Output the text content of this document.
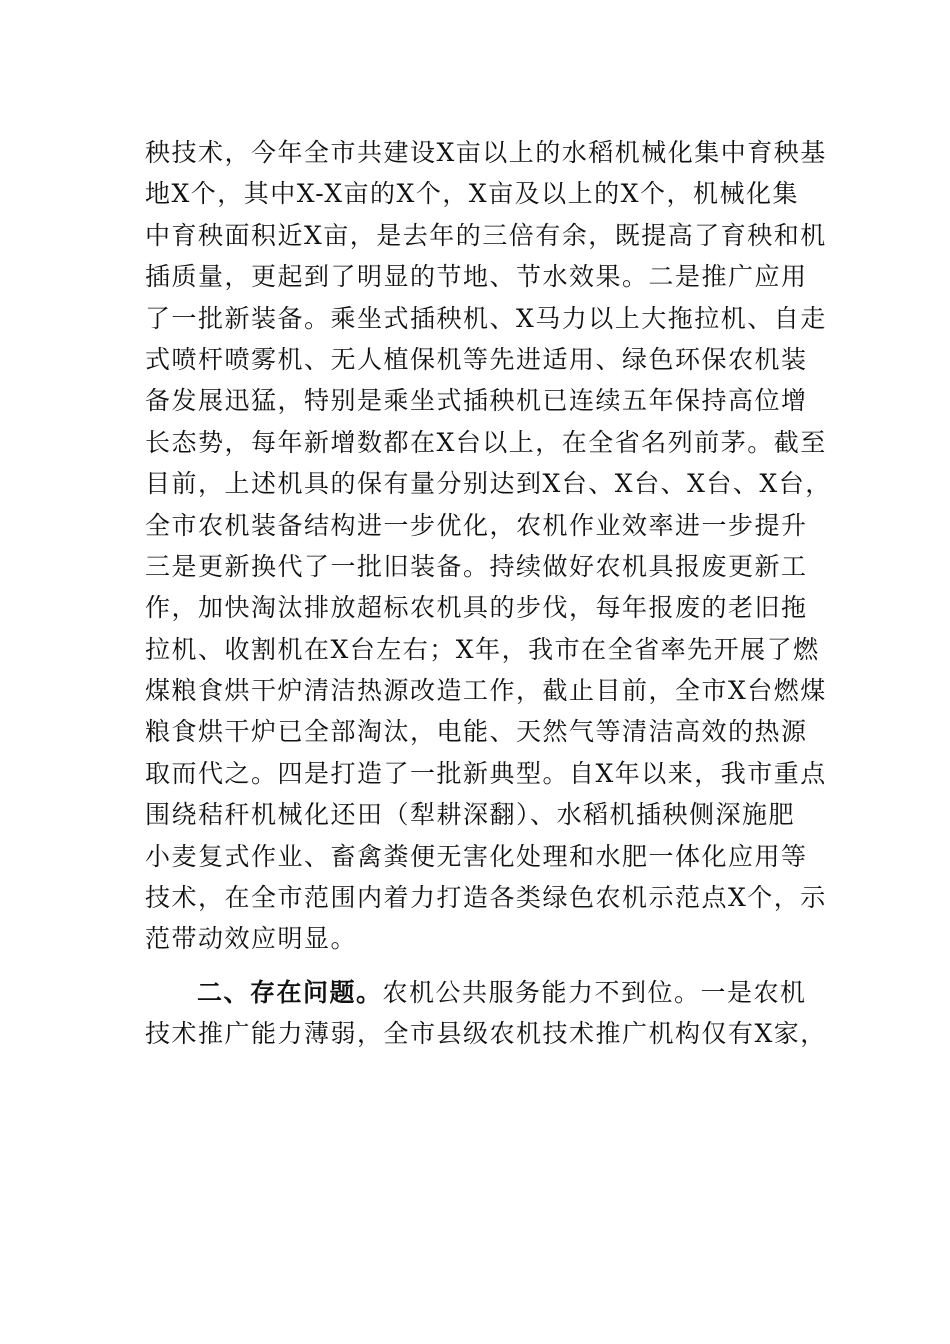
秧技术，今年全市共建设X亩以上的水稻机械化集中育秧基
地X个，其中X-X亩的X个，X亩及以上的X个，机械化集
中育秧面积近X亩，是去年的三倍有余，既提高了育秧和机
插质量，更起到了明显的节地、节水效果。二是推广应用
了一批新装备。乘坐式插秧机、X马力以上大拖拉机、自走
式喷杆喷雾机、无人植保机等先进适用、绿色环保农机装
备发展迅猛，特别是乘坐式插秧机已连续五年保持高位增
长态势，每年新增数都在X台以上，在全省名列前茅。截至
目前，上述机具的保有量分别达到X台、X台、X台、X台，
全市农机装备结构进一步优化，农机作业效率进一步提升
三是更新换代了一批旧装备。持续做好农机具报废更新工
作，加快淘汰排放超标农机具的步伐，每年报废的老旧拖
拉机、收割机在X台左右；X年，我市在全省率先开展了燃
煤粮食烘干炉清洁热源改造工作，截止目前，全市X台燃煤
粮食烘干炉已全部淘汰，电能、天然气等清洁高效的热源
取而代之。四是打造了一批新典型。自X年以来，我市重点
围绕秸秆机械化还田（犁耕深翻）、水稻机插秧侧深施肥
小麦复式作业、畜禽粪便无害化处理和水肥一体化应用等
技术，在全市范围内着力打造各类绿色农机示范点X个，示
范带动效应明显。
二、存在问题。农机公共服务能力不到位。一是农机
技术推广能力薄弱，全市县级农机技术推广机构仅有X家，
